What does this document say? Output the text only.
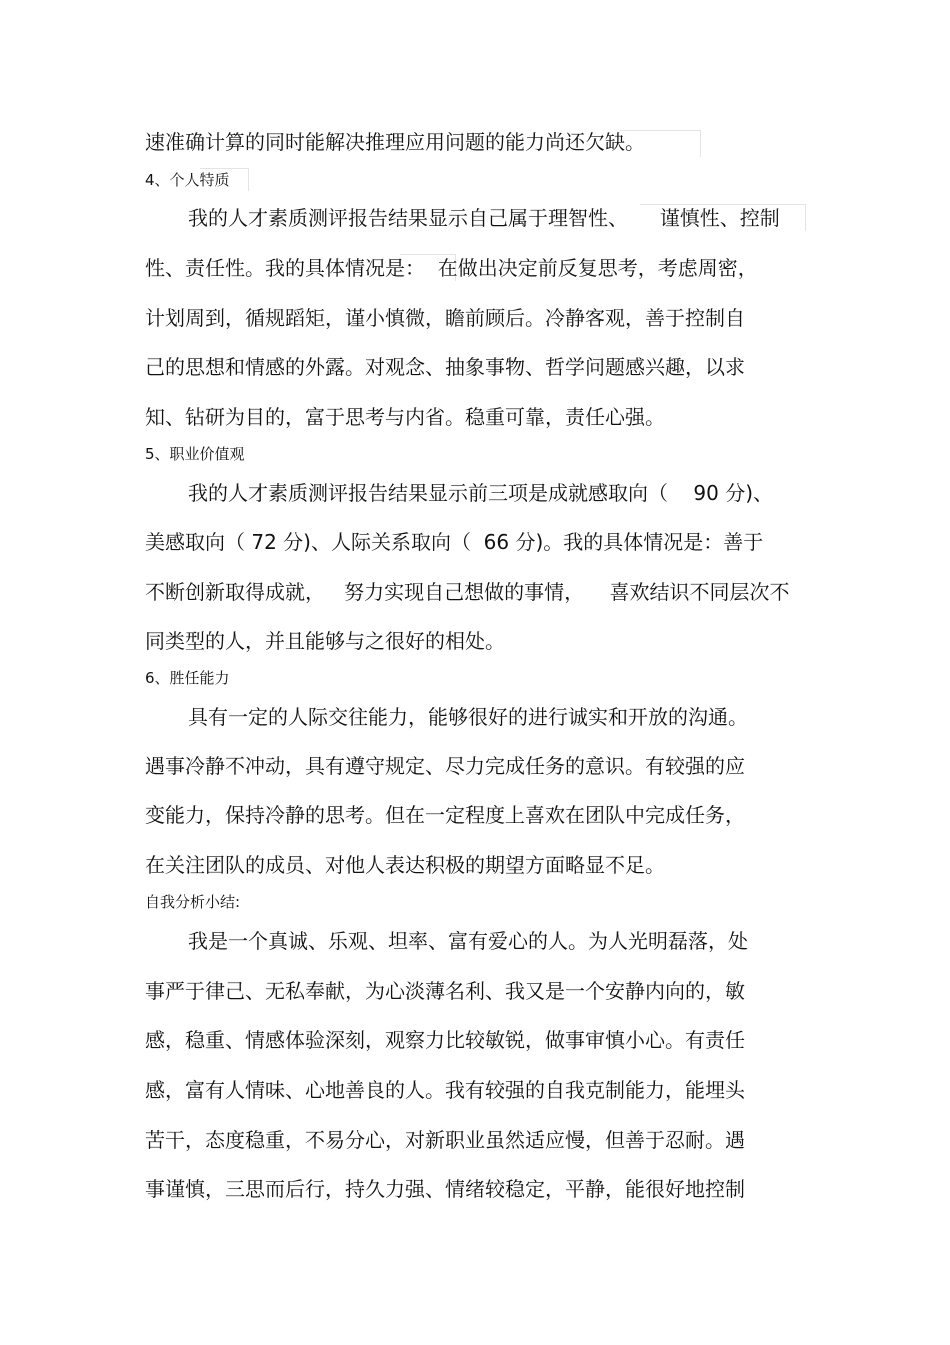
速准确计算的同时能解决推理应用问题的能力尚还欠缺。
4、个人特质
我的人才素质测评报告结果显示自己属于理智性、     谨慎性、控制
性、责任性。我的具体情况是：  在做出决定前反复思考，考虑周密，
计划周到，循规蹈矩，谨小慎微，瞻前顾后。冷静客观，善于控制自
己的思想和情感的外露。对观念、抽象事物、哲学问题感兴趣，以求
知、钻研为目的，富于思考与内省。稳重可靠，责任心强。
5、职业价值观
我的人才素质测评报告结果显示前三项是成就感取向（    90 分)、
美感取向（ 72 分)、人际关系取向（  66 分)。我的具体情况是：善于
不断创新取得成就，   努力实现自己想做的事情，    喜欢结识不同层次不
同类型的人，并且能够与之很好的相处。
6、胜任能力
具有一定的人际交往能力，能够很好的进行诚实和开放的沟通。
遇事冷静不冲动，具有遵守规定、尽力完成任务的意识。有较强的应
变能力，保持冷静的思考。但在一定程度上喜欢在团队中完成任务，
在关注团队的成员、对他人表达积极的期望方面略显不足。
自我分析小结:
我是一个真诚、乐观、坦率、富有爱心的人。为人光明磊落，处
事严于律己、无私奉献，为心淡薄名利、我又是一个安静内向的，敏
感，稳重、情感体验深刻，观察力比较敏锐，做事审慎小心。有责任
感，富有人情味、心地善良的人。我有较强的自我克制能力，能埋头
苦干，态度稳重，不易分心，对新职业虽然适应慢，但善于忍耐。遇
事谨慎，三思而后行，持久力强、情绪较稳定，平静，能很好地控制
